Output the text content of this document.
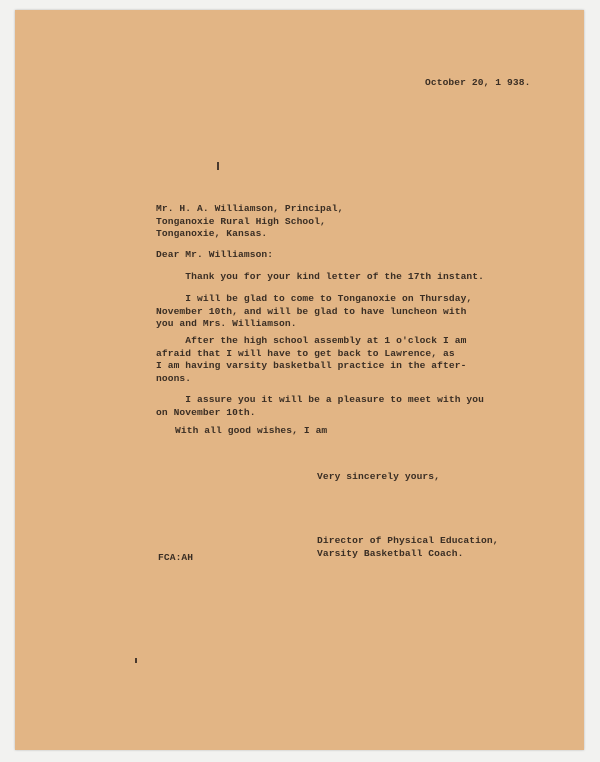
October 20, 1 938.
Mr. H. A. Williamson, Principal,
Tonganoxie Rural High School,
Tonganoxie, Kansas.
Dear Mr. Williamson:
Thank you for your kind letter of the 17th instant.
I will be glad to come to Tonganoxie on Thursday,
November 10th, and will be glad to have luncheon with
you and Mrs. Williamson.
After the high school assembly at 1 o'clock I am
afraid that I will have to get back to Lawrence, as
I am having varsity basketball practice in the after-
noons.
I assure you it will be a pleasure to meet with you
on November 10th.
With all good wishes, I am
Very sincerely yours,
Director of Physical Education,
Varsity Basketball Coach.
FCA:AH
